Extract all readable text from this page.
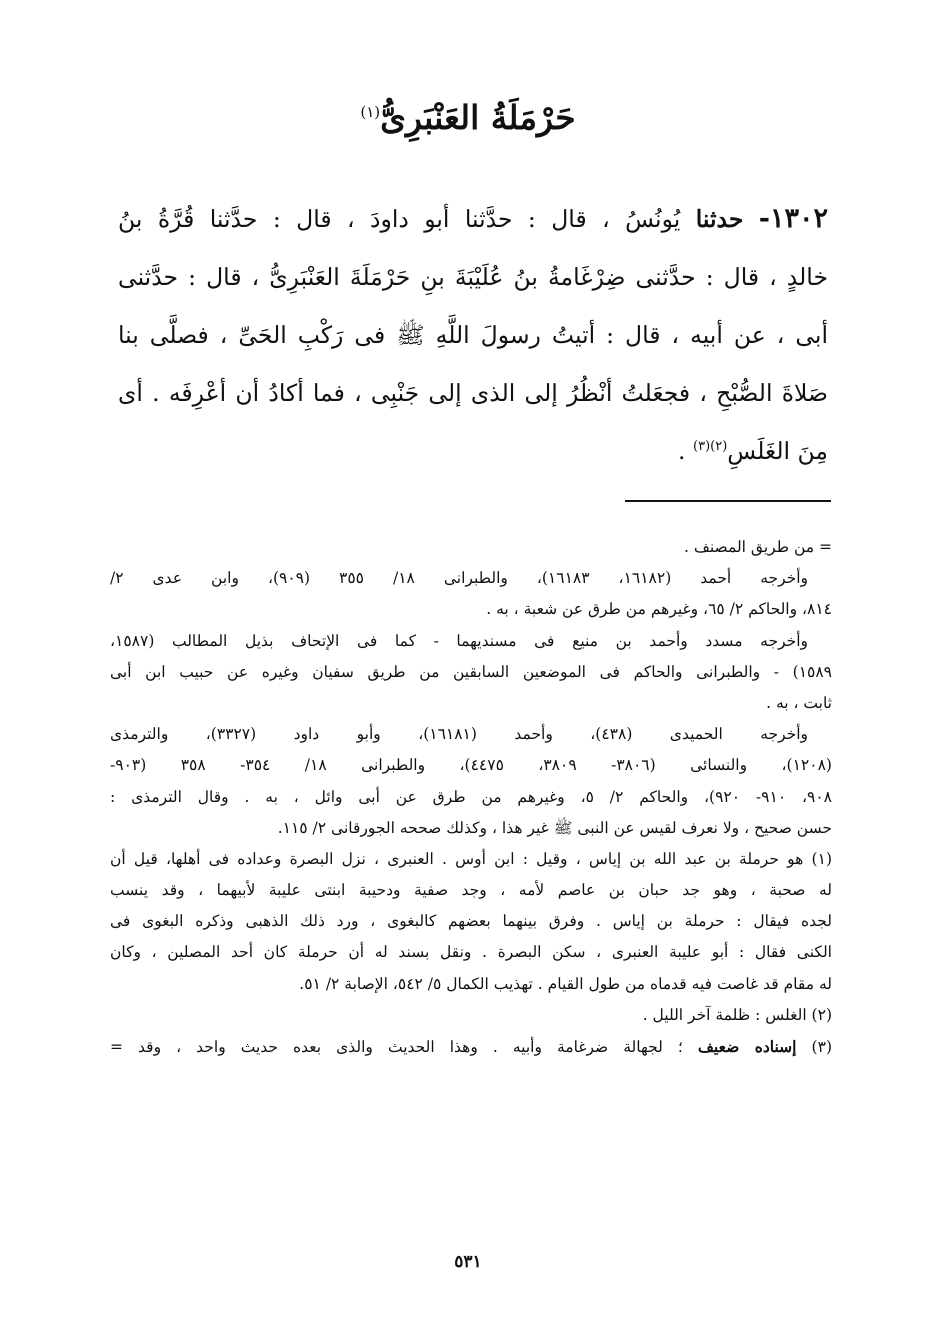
حَرْمَلَةُ العَنْبَرِىُّ$^{(١)}$
١٣٠٢- حدثنا يُونُسُ ، قال : حدَّثنا أبو داودَ ، قال : حدَّثنا قُرَّةُ بنُ
خالدٍ ، قال : حدَّثنى ضِرْغَامةُ بنُ عُلَيْبَةَ بنِ حَرْمَلَةَ العَنْبَرِىُّ ، قال : حدَّثنى
أبى ، عن أبيه ، قال : أتيتُ رسولَ اللَّهِ ﷺ فى رَكْبِ الحَىِّ ، فصلَّى بنا
صَلاةَ الصُّبْحِ ، فجعَلتُ أنْظُرُ إلى الذى إلى جَنْبِى ، فما أكادُ أن أعْرِفَه . أى
مِنَ الغَلَسِ$^{(٢)(٣)}$ .
= من طريق المصنف .
وأخرجه أحمد (١٦١٨٢، ١٦١٨٣)، والطبرانى ١٨/ ٣٥٥ (٩٠٩)، وابن عدى ٢/
٨١٤، والحاكم ٢/ ٦٥، وغيرهم من طرق عن شعبة ، به .
وأخرجه مسدد وأحمد بن منيع فى مسنديهما - كما فى الإتحاف بذيل المطالب (١٥٨٧،
١٥٨٩) - والطبرانى والحاكم فى الموضعين السابقين من طريق سفيان وغيره عن حبيب ابن أبى
ثابت ، به .
وأخرجه الحميدى (٤٣٨)، وأحمد (١٦١٨١)، وأبو داود (٣٣٢٧)، والترمذى
(١٢٠٨)، والنسائى (٣٨٠٦- ٣٨٠٩، ٤٤٧٥)، والطبرانى ١٨/ ٣٥٤- ٣٥٨ (٩٠٣-
٩٠٨، ٩١٠- ٩٢٠)، والحاكم ٢/ ٥، وغيرهم من طرق عن أبى وائل ، به . وقال الترمذى :
حسن صحيح ، ولا نعرف لقيس عن النبى ﷺ غير هذا ، وكذلك صححه الجورقانى ٢/ ١١٥.
(١) هو حرملة بن عبد الله بن إياس ، وقيل : ابن أوس . العنبرى ، نزل البصرة وعداده فى أهلها، قيل أن
له صحبة ، وهو جد حبان بن عاصم لأمه ، وجد صفية ودحيبة ابنتى عليبة لأبيهما ، وقد ينسب
لجده فيقال : حرملة بن إياس . وفرق بينهما بعضهم كالبغوى ، ورد ذلك الذهبى وذكره البغوى فى
الكنى فقال : أبو عليبة العنبرى ، سكن البصرة . ونقل بسند له أن حرملة كان أحد المصلين ، وكان
له مقام قد غاصت فيه قدماه من طول القيام . تهذيب الكمال ٥/ ٥٤٢، الإصابة ٢/ ٥١.
(٢) الغلس : ظلمة آخر الليل .
(٣) إسناده ضعيف ؛ لجهالة ضرغامة وأبيه . وهذا الحديث والذى بعده حديث واحد ، وقد =
٥٣١
